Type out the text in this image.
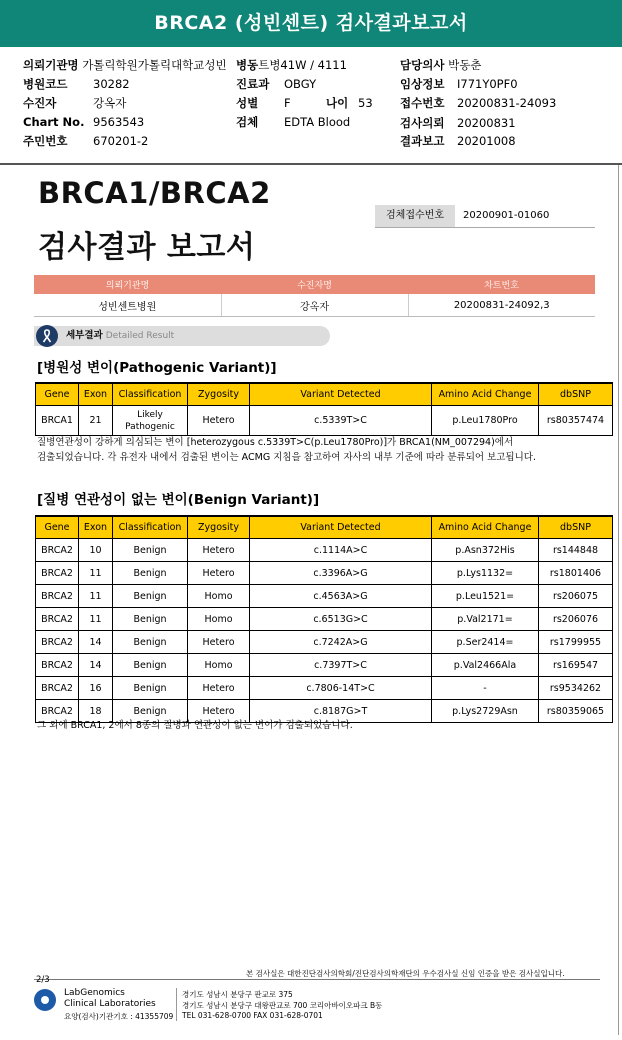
BRCA2 (성빈센트) 검사결과보고서
의뢰기관명 가톨릭학원가톨릭대학교성빈 병동트병41W / 4111	담당의사 박동춘
병원코드 30282	진료과 OBGY	임상정보 I771Y0PF0
수진자	강옥자	성별 F	나이 53 접수번호 20200831-24093
Chart No. 9563543	검체 EDTA Blood	검사의뢰 20200831
주민번호 670201-2	결과보고 20201008
BRCA1/BRCA2
검사결과 보고서
검체접수번호	20200901-01060
의뢰기관명	수진자명	차트번호
성빈센트병원	강옥자	20200831-24092,3
세부결과 Detailed Result
[병원성 변이(Pathogenic Variant)]
Gene	Exon	Classification	Zygosity	Variant Detected	Amino Acid Change	dbSNP
BRCA1	21	Likely Pathogenic	Hetero	c.5339T>C	p.Leu1780Pro	rs80357474
질병연관성이 강하게 의심되는 변이 [heterozygous c.5339T>C(p.Leu1780Pro)]가 BRCA1(NM_007294)에서
검출되었습니다. 각 유전자 내에서 검출된 변이는 ACMG 지침을 참고하여 자사의 내부 기준에 따라 분류되어 보고됩니다.
[질병 연관성이 없는 변이(Benign Variant)]
Gene	Exon	Classification	Zygosity	Variant Detected	Amino Acid Change	dbSNP
BRCA2	10	Benign	Hetero	c.1114A>C	p.Asn372His	rs144848
BRCA2	11	Benign	Hetero	c.3396A>G	p.Lys1132=	rs1801406
BRCA2	11	Benign	Homo	c.4563A>G	p.Leu1521=	rs206075
BRCA2	11	Benign	Homo	c.6513G>C	p.Val2171=	rs206076
BRCA2	14	Benign	Hetero	c.7242A>G	p.Ser2414=	rs1799955
BRCA2	14	Benign	Homo	c.7397T>C	p.Val2466Ala	rs169547
BRCA2	16	Benign	Hetero	c.7806-14T>C	-	rs9534262
BRCA2	18	Benign	Hetero	c.8187G>T	p.Lys2729Asn	rs80359065
그 외에 BRCA1, 2에서 8종의 질병과 연관성이 없는 변이가 검출되었습니다.
본 검사실은 대한진단검사의학회/진단검사의학재단의 우수검사실 신임 인증을 받은 검사실입니다.
2/3
LabGenomics
Clinical Laboratories
요양(검사)기관기호 : 41355709
경기도 성남시 분당구 판교로 375
경기도 성남시 분당구 대왕판교로 700 코리아바이오파크 B동
TEL 031-628-0700 FAX 031-628-0701
